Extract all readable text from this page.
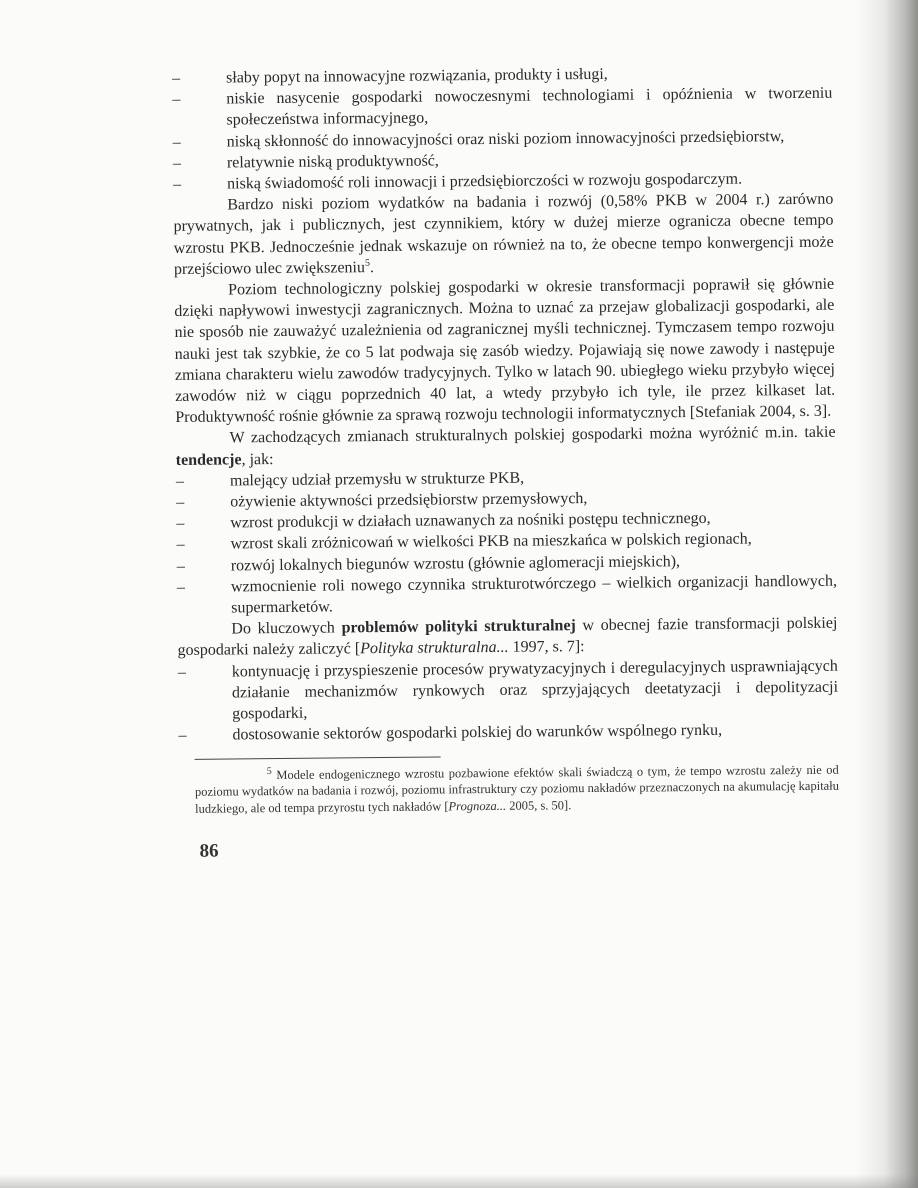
–	słaby popyt na innowacyjne rozwiązania, produkty i usługi,
–	niskie nasycenie gospodarki nowoczesnymi technologiami i opóźnienia w tworzeniu społeczeństwa informacyjnego,
–	niską skłonność do innowacyjności oraz niski poziom innowacyjności przedsiębiorstw,
–	relatywnie niską produktywność,
–	niską świadomość roli innowacji i przedsiębiorczości w rozwoju gospodarczym.

Bardzo niski poziom wydatków na badania i rozwój (0,58% PKB w 2004 r.) zarówno prywatnych, jak i publicznych, jest czynnikiem, który w dużej mierze ogranicza obecne tempo wzrostu PKB. Jednocześnie jednak wskazuje on również na to, że obecne tempo konwergencji może przejściowo ulec zwiększeniu$^5$.

Poziom technologiczny polskiej gospodarki w okresie transformacji poprawił się głównie dzięki napływowi inwestycji zagranicznych. Można to uznać za przejaw globalizacji gospodarki, ale nie sposób nie zauważyć uzależnienia od zagranicznej myśli technicznej. Tymczasem tempo rozwoju nauki jest tak szybkie, że co 5 lat podwaja się zasób wiedzy. Pojawiają się nowe zawody i następuje zmiana charakteru wielu zawodów tradycyjnych. Tylko w latach 90. ubiegłego wieku przybyło więcej zawodów niż w ciągu poprzednich 40 lat, a wtedy przybyło ich tyle, ile przez kilkaset lat. Produktywność rośnie głównie za sprawą rozwoju technologii informatycznych [Stefaniak 2004, s. 3].

W zachodzących zmianach strukturalnych polskiej gospodarki można wyróżnić m.in. takie tendencje, jak:

–	malejący udział przemysłu w strukturze PKB,
–	ożywienie aktywności przedsiębiorstw przemysłowych,
–	wzrost produkcji w działach uznawanych za nośniki postępu technicznego,
–	wzrost skali zróżnicowań w wielkości PKB na mieszkańca w polskich regionach,
–	rozwój lokalnych biegunów wzrostu (głównie aglomeracji miejskich),
–	wzmocnienie roli nowego czynnika strukturotwórczego – wielkich organizacji handlowych, supermarketów.

Do kluczowych problemów polityki strukturalnej w obecnej fazie transformacji polskiej gospodarki należy zaliczyć [Polityka strukturalna... 1997, s. 7]:

–	kontynuację i przyspieszenie procesów prywatyzacyjnych i deregulacyjnych usprawniających działanie mechanizmów rynkowych oraz sprzyjających deetatyzacji i depolityzacji gospodarki,
–	dostosowanie sektorów gospodarki polskiej do warunków wspólnego rynku,

$^5$ Modele endogenicznego wzrostu pozbawione efektów skali świadczą o tym, że tempo wzrostu zależy nie od poziomu wydatków na badania i rozwój, poziomu infrastruktury czy poziomu nakładów przeznaczonych na akumulację kapitału ludzkiego, ale od tempa przyrostu tych nakładów [Prognoza... 2005, s. 50].

86
